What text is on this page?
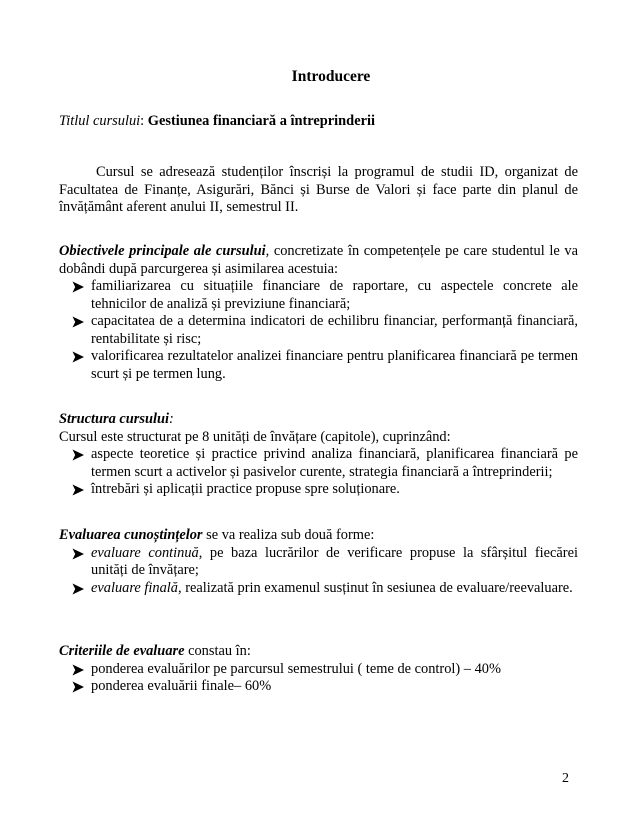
Introducere
Titlul cursului: Gestiunea financiară a întreprinderii

Cursul se adresează studenților înscriși la programul de studii ID, organizat de Facultatea de Finanțe, Asigurări, Bănci și Burse de Valori și face parte din planul de învățământ aferent anului II, semestrul II.

Obiectivele principale ale cursului, concretizate în competențele pe care studentul le va dobândi după parcurgerea și asimilarea acestuia:

familiarizarea cu situațiile financiare de raportare, cu aspectele concrete ale tehnicilor de analiză și previziune financiară;
capacitatea de a determina indicatori de echilibru financiar, performanță financiară, rentabilitate și risc;
valorificarea rezultatelor analizei financiare pentru planificarea financiară pe termen scurt și pe termen lung.

Structura cursului:

Cursul este structurat pe 8 unități de învățare (capitole), cuprinzând:

aspecte teoretice și practice privind analiza financiară, planificarea financiară pe termen scurt a activelor și pasivelor curente, strategia financiară a întreprinderii;
întrebări și aplicații practice propuse spre soluționare.

Evaluarea cunoștințelor se va realiza sub două forme:

evaluare continuă, pe baza lucrărilor de verificare propuse la sfârșitul fiecărei unități de învățare;
evaluare finală, realizată prin examenul susținut în sesiunea de evaluare/reevaluare.

Criteriile de evaluare constau în:

ponderea evaluărilor pe parcursul semestrului ( teme de control) – 40%
ponderea evaluării finale– 60%
2
